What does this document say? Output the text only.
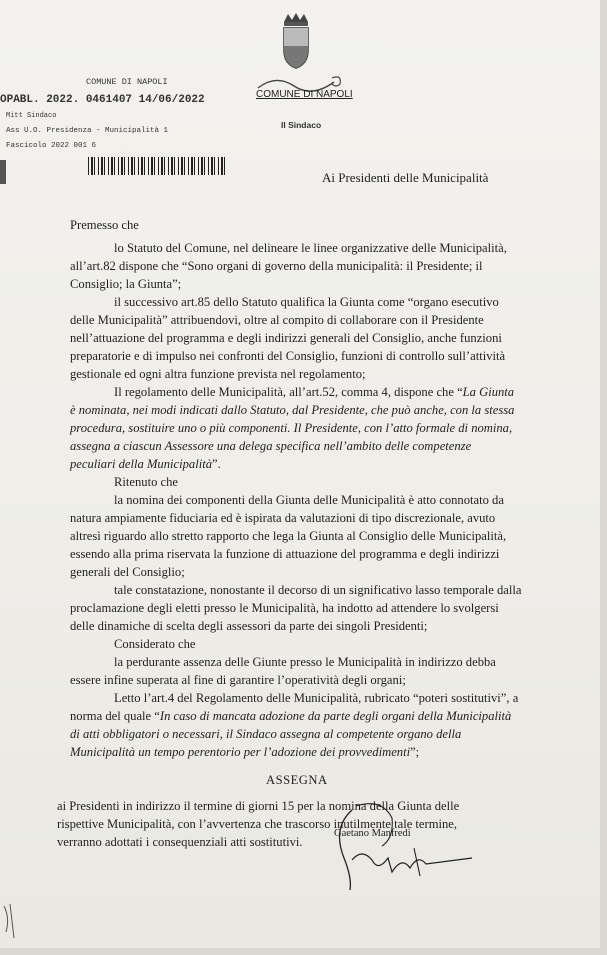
COMUNE DI NAPOLI
OPABL. 2022. 0461407 14/06/2022
Mitt Sindaco
Ass U.O. Presidenza - Municipalità 1
Fascicolo 2022 001 6
COMUNE DI NAPOLI
Il Sindaco
Ai Presidenti delle Municipalità
Premesso che
lo Statuto del Comune, nel delineare le linee organizzative delle Municipalità,
all’art.82 dispone che “Sono organi di governo della municipalità: il Presidente; il
Consiglio; la Giunta”;
il successivo art.85 dello Statuto qualifica la Giunta come “organo esecutivo
delle Municipalità” attribuendovi, oltre al compito di collaborare con il Presidente
nell’attuazione del programma e degli indirizzi generali del Consiglio, anche funzioni
preparatorie e di impulso nei confronti del Consiglio, funzioni di controllo sull’attività
gestionale ed ogni altra funzione prevista nel regolamento;
Il regolamento delle Municipalità, all’art.52, comma 4, dispone che “La Giunta
è nominata, nei modi indicati dallo Statuto, dal Presidente, che può anche, con la stessa
procedura, sostituire uno o più componenti. Il Presidente, con l’atto formale di nomina,
assegna a ciascun Assessore una delega specifica nell’ambito delle competenze
peculiari della Municipalità”.
Ritenuto che
la nomina dei componenti della Giunta delle Municipalità è atto connotato da
natura ampiamente fiduciaria ed è ispirata da valutazioni di tipo discrezionale, avuto
altresì riguardo allo stretto rapporto che lega la Giunta al Consiglio delle Municipalità,
essendo alla prima riservata la funzione di attuazione del programma e degli indirizzi
generali del Consiglio;
tale constatazione, nonostante il decorso di un significativo lasso temporale dalla
proclamazione degli eletti presso le Municipalità, ha indotto ad attendere lo svolgersi
delle dinamiche di scelta degli assessori da parte dei singoli Presidenti;
Considerato che
la perdurante assenza delle Giunte presso le Municipalità in indirizzo debba
essere infine superata al fine di garantire l’operatività degli organi;
Letto l’art.4 del Regolamento delle Municipalità, rubricato “poteri sostitutivi”, a
norma del quale “In caso di mancata adozione da parte degli organi della Municipalità
di atti obbligatori o necessari, il Sindaco assegna al competente organo della
Municipalità un tempo perentorio per l’adozione dei provvedimenti”;
ASSEGNA
ai Presidenti in indirizzo il termine di giorni 15 per la nomina della Giunta delle
rispettive Municipalità, con l’avvertenza che trascorso inutilmente tale termine,
verranno adottati i consequenziali atti sostitutivi.
Gaetano Manfredi
